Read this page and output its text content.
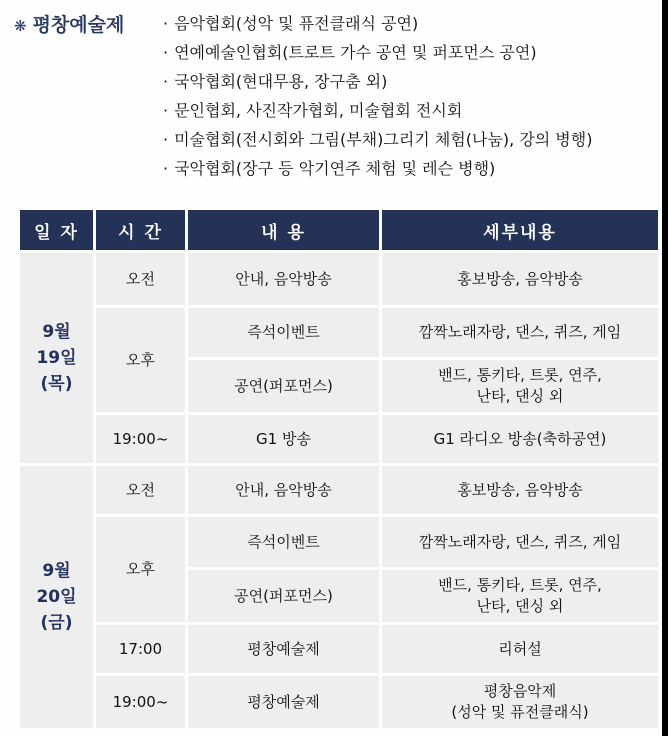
❋ 평창예술제 · 음악협회(성악 및 퓨전클래식 공연)
· 연예예술인협회(트로트 가수 공연 및 퍼포먼스 공연)
· 국악협회(현대무용, 장구춤 외)
· 문인협회, 사진작가협회, 미술협회 전시회
· 미술협회(전시회와 그림(부채)그리기 체험(나눔), 강의 병행)
· 국악협회(장구 등 악기연주 체험 및 레슨 병행)
일 자	시 간	내 용	세부내용

9월
19일
(목)	오전	안내, 음악방송	홍보방송, 음악방송
	오후	즉석이벤트	깜짝노래자랑, 댄스, 퀴즈, 게임
		공연(퍼포먼스)	밴드, 통키타, 트롯, 연주,
난타, 댄싱 외

	19:00~	G1 방송	G1 라디오 방송(축하공연)

9월
20일
(금)	오전	안내, 음악방송	홍보방송, 음악방송
	오후	즉석이벤트	깜짝노래자랑, 댄스, 퀴즈, 게임
		공연(퍼포먼스)	밴드, 통키타, 트롯, 연주,
난타, 댄싱 외

	17:00	평창예술제	리허설
	19:00~	평창예술제	평창음악제
(성악 및 퓨전클래식)
